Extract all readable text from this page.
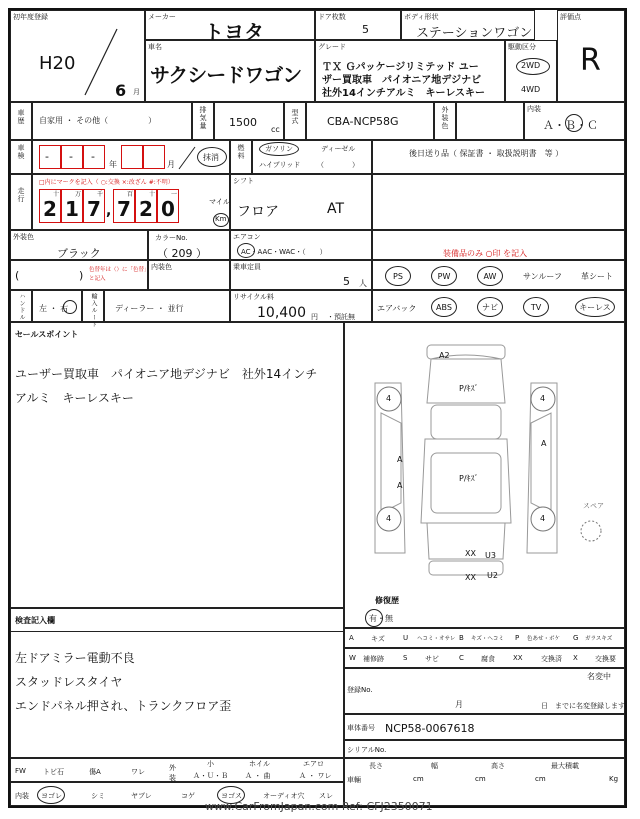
初年度登録
H20
6 月
メーカー
トヨタ
車名
サクシードワゴン
ドア枚数
5
ボディ形状
ステーションワゴン
グレード
ＴＸ Ｇパッケージリミテッド ユー
ザー買取車　パイオニア地デジナビ
社外14インチアルミ　キーレスキー
駆動区分
2WD
4WD
評価点
R
車歴 自家用 ・ その他（　　　　　）	排気量 1500
cc
型式	CBA-NCP58G	外装色	内装
Ａ・Ｂ・Ｃ
車検 - - -
年	月
抹消	燃料	ガソリン	ディーゼル
ハイブリッド （　　　　）
後日送り品（ 保証書 ・ 取扱説明書　等 ）
走行
□内にマークを記入（ ○:交換 ×:改ざん #:不明）
十	万	千	百	十	一
2 1 7 , 7 2 0	マイル
Km
シフト
フロア	AT
外装色
ブラック
カラーNo.
（ 209 ）
エアコン
AC・AAC・WAC・（　　）	装備品のみ ○印 を記入
(	) 色替年は（）に「色替」と記入
内装色	乗車定員
5 人
PS	PW	AW	サンルーフ 革シート
ハンドル 左 ・ 右	輸入ルート ディーラー ・ 並行
リサイクル料
10,400 円 ・預託無
エアバック	ABS	ナビ	TV	キーレス
セールスポイント
ユーザー買取車　パイオニア地デジナビ　社外14インチ
アルミ　キーレスキー
A2
P/ｷｽﾞ
P/ｷｽﾞ
A
A
A
4	4
4	4
XX U3
XX U2
スペア
修復歴
有・無
検査記入欄
左ドアミラー電動不良
スタッドレスタイヤ
エンドパネル押され、トランクフロア歪
A キズ	U ヘコミ・オサレ B キズ・ヘコミ P 色あせ・ボケ G ガラスキズ
W 補修跡	S	サビ	C 腐食	XX	交換済 X 交換要
名変中
登録No.
月	日　までに名変登録します
車体番号 NCP58-0067618
シリアルNo.
FW トビ石	傷A	ワレ	外装
小
Ａ・Ｕ・Ｂ
ホイル
Ａ ・ 曲
エアロ
Ａ ・ ワレ
内装 ヨゴレ	シミ	ヤブレ	コゲ	ヨゴス	オーディオ穴 スレ
車輛
長さ	幅	高さ	最大積載
cm	cm	cm	Kg
www.CarFromJapan.com Ref: CFJ2350071
